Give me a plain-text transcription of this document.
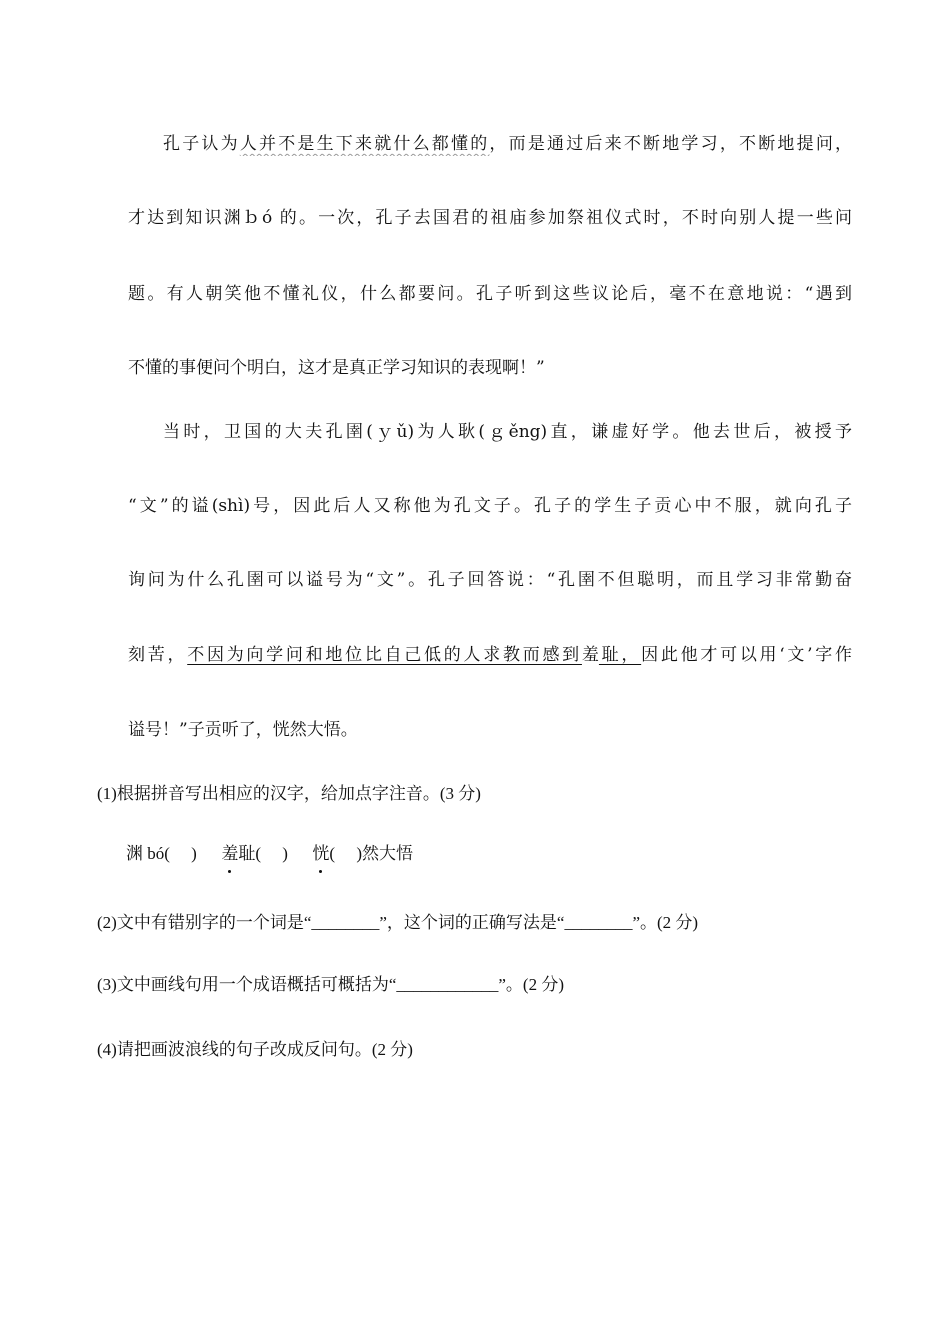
孔子认为人并不是生下来就什么都懂的，而是通过后来不断地学习，不断地提问，
才达到知识渊ｂó 的。一次，孔子去国君的祖庙参加祭祖仪式时，不时向别人提一些问
题。有人朝笑他不懂礼仪，什么都要问。孔子听到这些议论后，毫不在意地说：“遇到
不懂的事便问个明白，这才是真正学习知识的表现啊！”
当时，卫国的大夫孔圉(ｙǔ)为人耿(ｇěng)直，谦虚好学。他去世后，被授予
“文”的谥(shì)号，因此后人又称他为孔文子。孔子的学生子贡心中不服，就向孔子
询问为什么孔圉可以谥号为“文”。孔子回答说：“孔圉不但聪明，而且学习非常勤奋
刻苦，不因为向学问和地位比自己低的人求教而感到羞耻，因此他才可以用‘文’字作
谥号！”子贡听了，恍然大悟。
(1)根据拼音写出相应的汉字，给加点字注音。(3 分)
渊 bó(　 ) 羞耻(　 ) 恍(　 )然大悟
(2)文中有错别字的一个词是“________”，这个词的正确写法是“________”。(2 分)
(3)文中画线句用一个成语概括可概括为“____________”。(2 分)
(4)请把画波浪线的句子改成反问句。(2 分)
